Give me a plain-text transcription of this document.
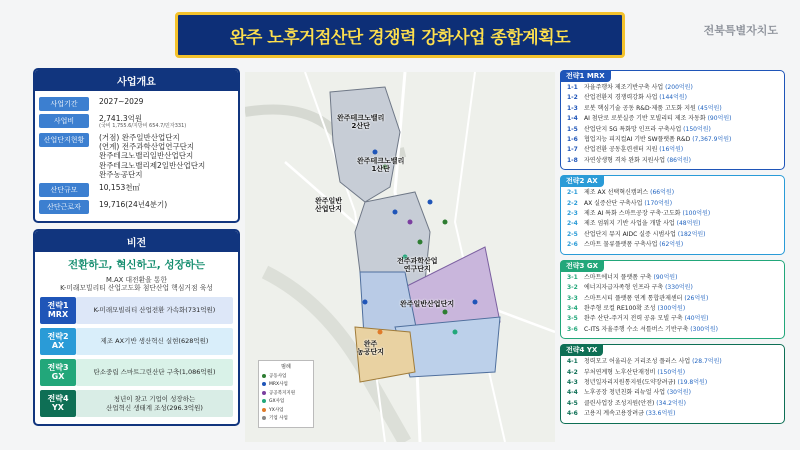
완주 노후거점산단 경쟁력 강화사업 종합계획도	전북특별자치도
사업개요
사업기간	2027~2029
사업비	2,741.3억원
(국비 1,755.6/지방비 654.7/민자331)
산업단지현황	(거점) 완주일반산업단지
(연계) 전주과학산업연구단지
완주테크노밸리일반산업단지
완주테크노밸리제2일반산업단지
완주농공단지
산단규모	10,153천㎡
산단근로자	19,716(24년4분기)
비전
전환하고, 혁신하고, 성장하는
M.AX 대전환을 통한
K-미래모빌리티 산업고도화 첨단산업 핵심거점 육성
전략1
MRX	K-미래모빌리티 산업전환 가속화(731억원)
전략2
AX	제조 AX기반 생산혁신 실현(628억원)
전략3
GX	탄소중립 스마트그린산단 구축(1,086억원)
전략4
YX
청년이 찾고 기업이 성장하는
산업혁신 생태계 조성(296.3억원)
완주테크노밸리
2산단
완주테크노밸리
1산단
완주일반
산업단지
전주과학산업
연구단지
완주일반산업단지
완주
농공단지
범례
공동사업
MRX사업
공공복지지원
GX사업
YX사업
기업 사업
전략1 MRX
1-1	자율주행차 제조기반구축 사업 (200억원)
1-2	산업전환지 경쟁력강화 사업 (144억원)
1-3	로봇 핵심기술 공동 R&D·제품 고도화 지원 (45억원)
1-4	AI 첨단로 로봇실증 기반 모빌리티 제조 자동화 (90억원)
1-5	산업단지 5G 특화망 인프라 구축사업 (150억원)
1-6	협업지능 피지컬AI 기반 SW플랫폼 R&D (7,367.9억원)
1-7	산업전환 공동훈련센터 지원 (16억원)
1-8	자연상생형 격차 완화 지원사업 (86억원)
전략2 AX
2-1	제조 AX 선택혁신캠퍼스 (66억원)
2-2	AX 실증산단 구축사업 (170억원)
2-3	제조 AI 특화 스마트공장 구축·고도화 (100억원)
2-4	제조 엄워지 기반 사업을 개발 사업 (48억원)
2-5	산업단지 뮤지 AIDC 실증 시범사업 (182억원)
2-6	스마트 물류플랫폼 구축사업 (62억원)
전략3 GX
3-1	스마트에너지 플랫폼 구축 (90억원)
3-2	에너지자급자족형 인프라 구축 (330억원)
3-3	스마트시티 플랫폼 연계 통합관제센터 (26억원)
3-4	완주형 로컬 RE100확 조성 (300억원)
3-5	완주 산단-주거지 전력 공유 모빌 구축 (40억원)
3-6	C-ITS 자율주행 수소 셔틀버스 기반구축 (300억원)
전략4 YX
4-1	청력모고 어울리운 거리조성 플러스 사업 (28.7억원)
4-2	부처연계형 노후산단재정비 (150억원)
4-3	청년일자리지원통지원(도약장려금) (19.8억원)
4-4	노후공장 청년친화 리뉴얼 사업 (30억원)
4-5	클린사업장 조성지원(안전) (34.2억원)
4-6	고용지 계속고용장려금 (33.6억원)
